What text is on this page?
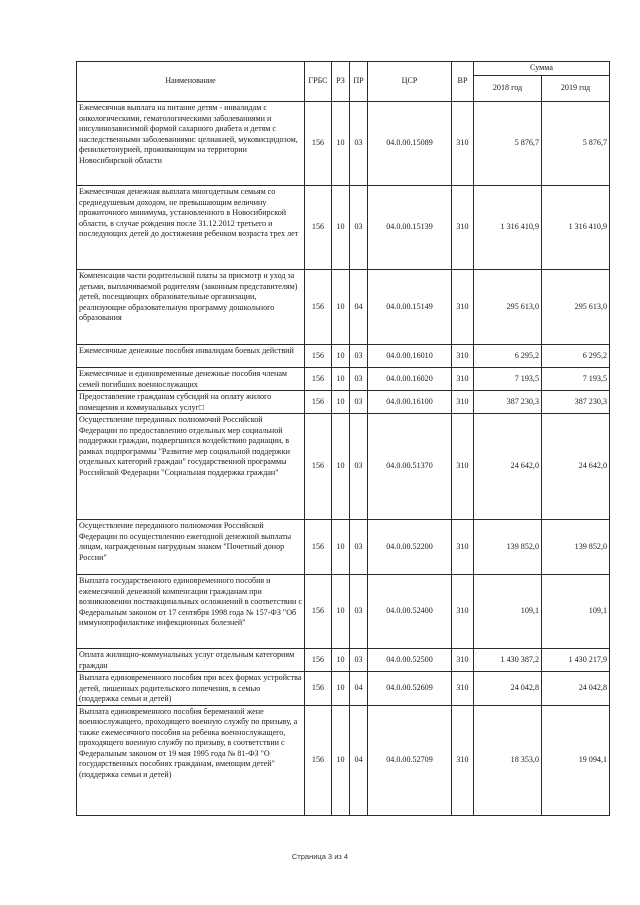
Наименование	ГРБС	РЗ	ПР	ЦСР	ВР	Сумма	
						2018 год	2019 год
Ежемесячная выплата на питание детям - инвалидам с онкологическими, гематологическими заболеваниями и инсулинозависимой формой сахарного диабета и детям с наследственными заболеваниями: целиакией, муковисцидозом, фенилкетонурией, проживающим на территории Новосибирской области	156	10	03	04.0.00.15089	310	5 876,7	5 876,7
Ежемесячная денежная выплата многодетным семьям со среднедушевым доходом, не превышающим величину прожиточного минимума, установленного в Новосибирской области, в случае рождения после 31.12.2012 третьего и последующих детей до достижения ребенком возраста трех лет	156	10	03	04.0.00.15139	310	1 316 410,9	1 316 410,9
Компенсация части родительской платы за присмотр и уход за детьми, выплачиваемой родителям (законным представителям) детей, посещающих образовательные организации, реализующие образовательную программу дошкольного образования	156	10	04	04.0.00.15149	310	295 613,0	295 613,0
Ежемесячные денежные пособия инвалидам боевых действий	156	10	03	04.0.00.16010	310	6 295,2	6 295,2
Ежемесячные и единовременные денежные пособия членам семей погибших военнослужащих	156	10	03	04.0.00.16020	310	7 193,5	7 193,5
Предоставление гражданам субсидий на оплату жилого помещения и коммунальных услуг□	156	10	03	04.0.00.16100	310	387 230,3	387 230,3
Осуществление переданных полномочий Российской Федерации по предоставлению отдельных мер социальной поддержки граждан, подвергшихся воздействию радиации, в рамках подпрограммы "Развитие мер социальной поддержки отдельных категорий граждан" государственной программы Российской Федерации "Социальная поддержка граждан"	156	10	03	04.0.00.51370	310	24 642,0	24 642,0
Осуществление переданного полномочия Российской Федерации по осуществлению ежегодной денежной выплаты лицам, награжденным нагрудным знаком "Почетный донор России"	156	10	03	04.0.00.52200	310	139 852,0	139 852,0
Выплата государственного единовременного пособия и ежемесячной денежной компенсации гражданам при возникновении поствакцинальных осложнений в соответствии с Федеральным законом от 17 сентября 1998 года № 157-ФЗ "Об иммунопрофилактике инфекционных болезней"	156	10	03	04.0.00.52400	310	109,1	109,1
Оплата жилищно-коммунальных услуг отдельным категориям граждан	156	10	03	04.0.00.52500	310	1 430 387,2	1 430 217,9
Выплата единовременного пособия при всех формах устройства детей, лишенных родительского попечения, в семью (поддержка семьи и детей)	156	10	04	04.0.00.52609	310	24 042,8	24 042,8
Выплата единовременного пособия беременной жене военнослужащего, проходящего военную службу по призыву, а также ежемесячного пособия на ребенка военнослужащего, проходящего военную службу по призыву, в соответствии с Федеральным законом от 19 мая 1995 года № 81-ФЗ "О государственных пособиях гражданам, имеющим детей" (поддержка семьи и детей)	156	10	04	04.0.00.52709	310	18 353,0	19 094,1
Страница 3 из 4
